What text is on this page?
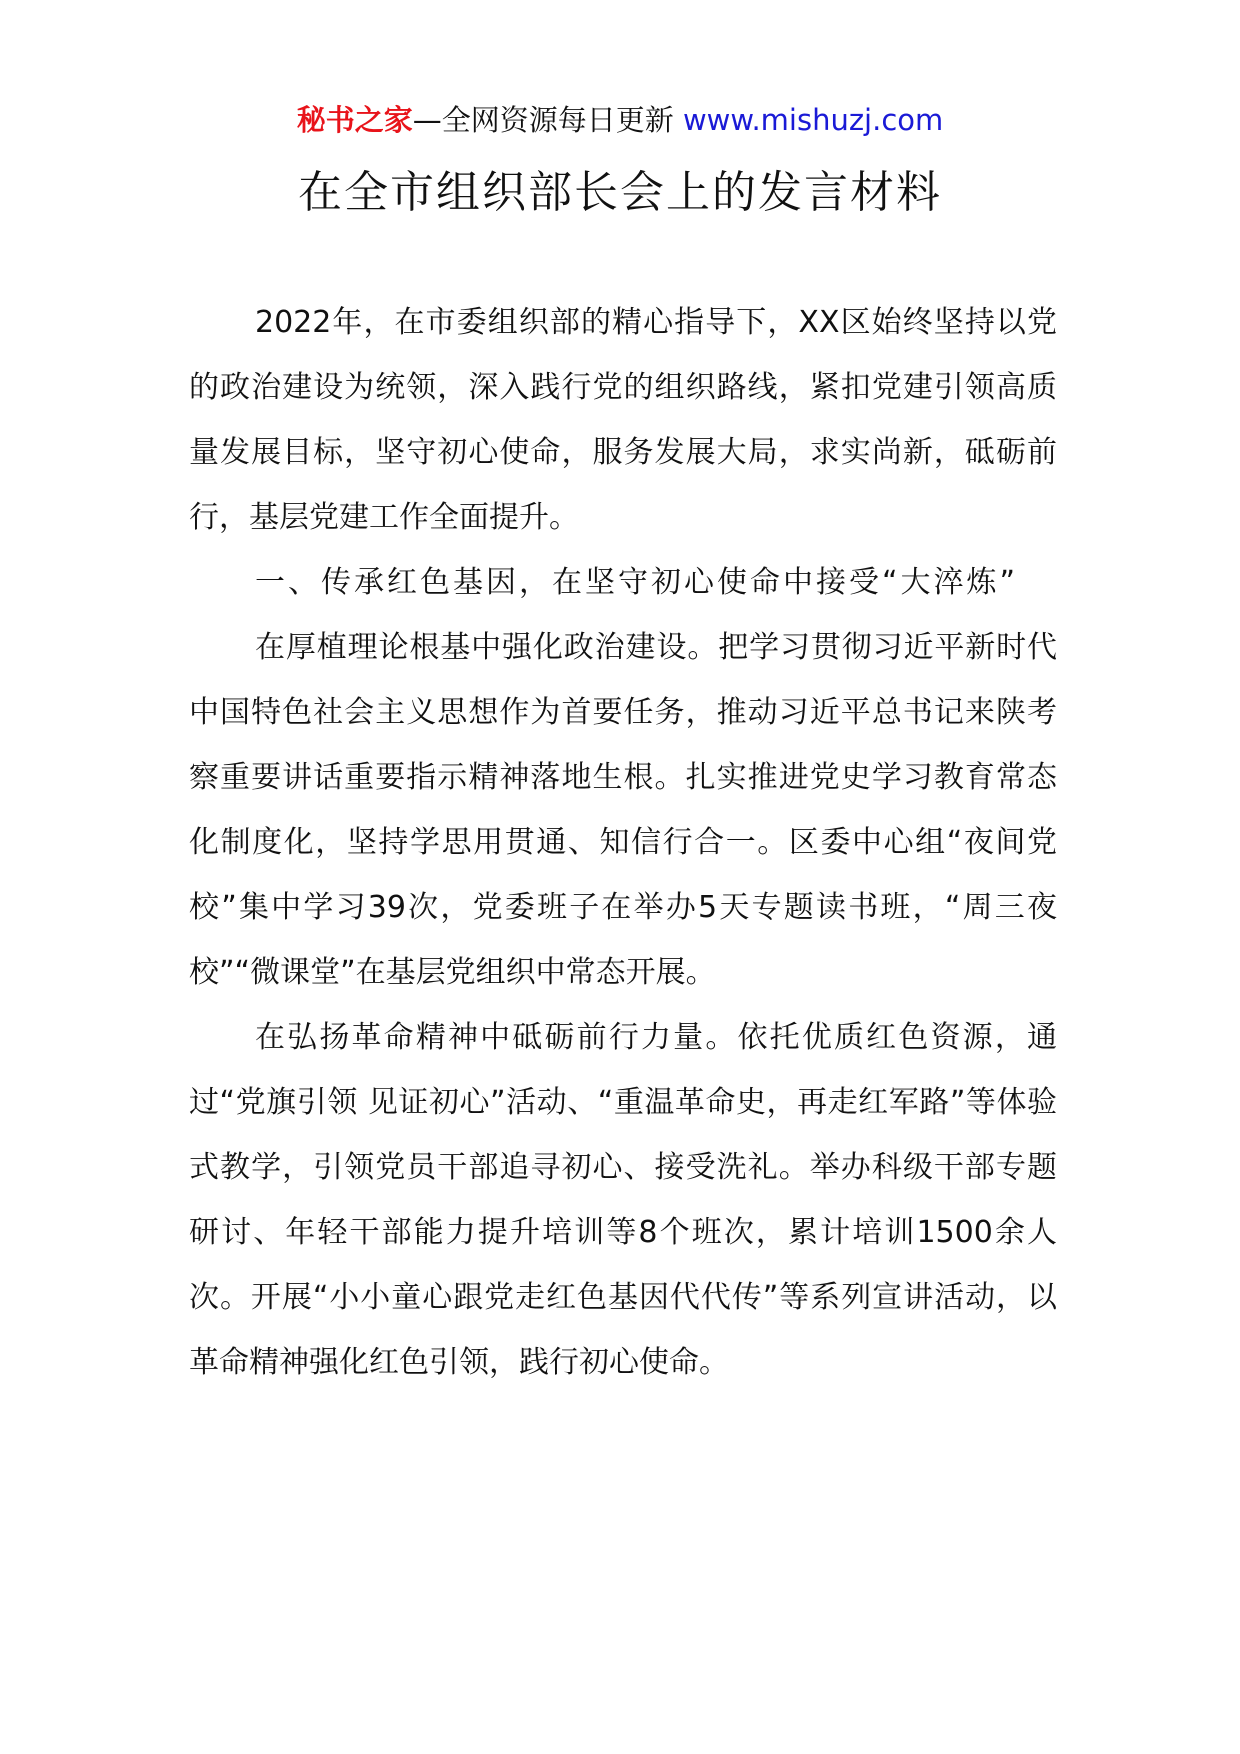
秘书之家—全网资源每日更新 www.mishuzj.com
在全市组织部长会上的发言材料

2022年，在市委组织部的精心指导下，XX区始终坚持以党的政治建设为统领，深入践行党的组织路线，紧扣党建引领高质量发展目标，坚守初心使命，服务发展大局，求实尚新，砥砺前行，基层党建工作全面提升。

一、传承红色基因，在坚守初心使命中接受“大淬炼”

在厚植理论根基中强化政治建设。把学习贯彻习近平新时代中国特色社会主义思想作为首要任务，推动习近平总书记来陕考察重要讲话重要指示精神落地生根。扎实推进党史学习教育常态化制度化，坚持学思用贯通、知信行合一。区委中心组“夜间党校”集中学习39次，党委班子在举办5天专题读书班，“周三夜校”“微课堂”在基层党组织中常态开展。

在弘扬革命精神中砥砺前行力量。依托优质红色资源，通过“党旗引领 见证初心”活动、“重温革命史，再走红军路”等体验式教学，引领党员干部追寻初心、接受洗礼。举办科级干部专题研讨、年轻干部能力提升培训等8个班次，累计培训1500余人次。开展“小小童心跟党走红色基因代代传”等系列宣讲活动，以革命精神强化红色引领，践行初心使命。
